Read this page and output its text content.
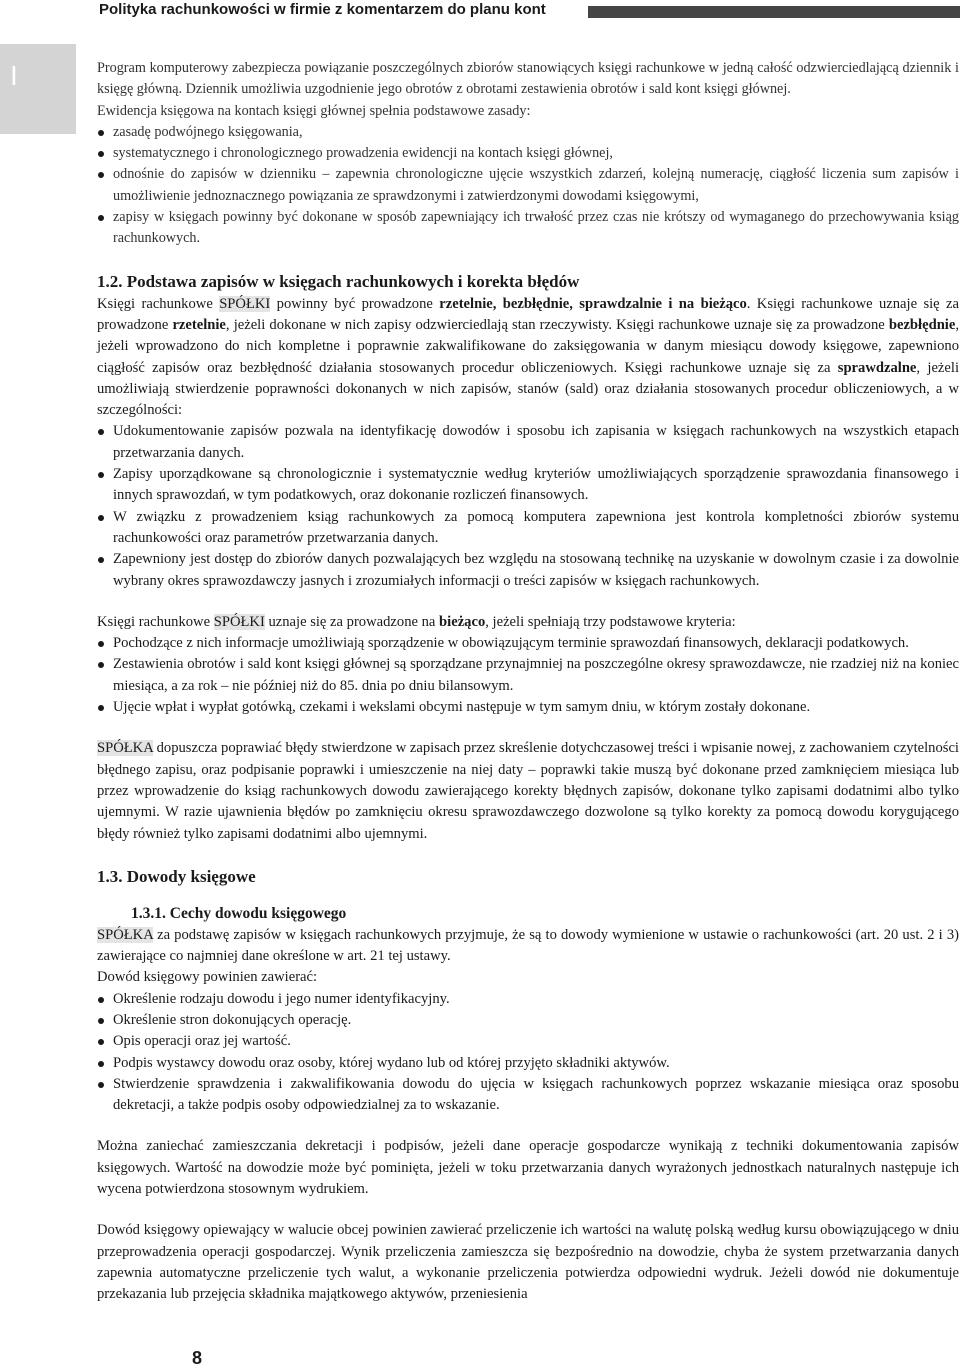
Polityka rachunkowości w firmie z komentarzem do planu kont
I	Program komputerowy zabezpiecza powiązanie poszczególnych zbiorów stanowiących księgi rachunkowe w jedną całość odzwierciedlającą dziennik i księgę główną. Dziennik umożliwia uzgodnienie jego obrotów z obrotami zestawienia obrotów i sald kont księgi głównej.

Ewidencja księgowa na kontach księgi głównej spełnia podstawowe zasady:

zasadę podwójnego księgowania,
systematycznego i chronologicznego prowadzenia ewidencji na kontach księgi głównej,
odnośnie do zapisów w dzienniku – zapewnia chronologiczne ujęcie wszystkich zdarzeń, kolejną numerację, ciągłość liczenia sum zapisów i umożliwienie jednoznacznego powiązania ze sprawdzonymi i zatwierdzonymi dowodami księgowymi,
zapisy w księgach powinny być dokonane w sposób zapewniający ich trwałość przez czas nie krótszy od wymaganego do przechowywania ksiąg rachunkowych.
1.2. Podstawa zapisów w księgach rachunkowych i korekta błędów

Księgi rachunkowe SPÓŁKI powinny być prowadzone rzetelnie, bezbłędnie, sprawdzalnie i na bieżąco. Księgi rachunkowe uznaje się za prowadzone rzetelnie, jeżeli dokonane w nich zapisy odzwierciedlają stan rzeczywisty. Księgi rachunkowe uznaje się za prowadzone bezbłędnie, jeżeli wprowadzono do nich kompletne i poprawnie zakwalifikowane do zaksięgowania w danym miesiącu dowody księgowe, zapewniono ciągłość zapisów oraz bezbłędność działania stosowanych procedur obliczeniowych. Księgi rachunkowe uznaje się za sprawdzalne, jeżeli umożliwiają stwierdzenie poprawności dokonanych w nich zapisów, stanów (sald) oraz działania stosowanych procedur obliczeniowych, a w szczególności:

Udokumentowanie zapisów pozwala na identyfikację dowodów i sposobu ich zapisania w księgach rachunkowych na wszystkich etapach przetwarzania danych.
Zapisy uporządkowane są chronologicznie i systematycznie według kryteriów umożliwiających sporządzenie sprawozdania finansowego i innych sprawozdań, w tym podatkowych, oraz dokonanie rozliczeń finansowych.
W związku z prowadzeniem ksiąg rachunkowych za pomocą komputera zapewniona jest kontrola kompletności zbiorów systemu rachunkowości oraz parametrów przetwarzania danych.
Zapewniony jest dostęp do zbiorów danych pozwalających bez względu na stosowaną technikę na uzyskanie w dowolnym czasie i za dowolnie wybrany okres sprawozdawczy jasnych i zrozumiałych informacji o treści zapisów w księgach rachunkowych.

Księgi rachunkowe SPÓŁKI uznaje się za prowadzone na bieżąco, jeżeli spełniają trzy podstawowe kryteria:

Pochodzące z nich informacje umożliwiają sporządzenie w obowiązującym terminie sprawozdań finansowych, deklaracji podatkowych.
Zestawienia obrotów i sald kont księgi głównej są sporządzane przynajmniej na poszczególne okresy sprawozdawcze, nie rzadziej niż na koniec miesiąca, a za rok – nie później niż do 85. dnia po dniu bilansowym.
Ujęcie wpłat i wypłat gotówką, czekami i wekslami obcymi następuje w tym samym dniu, w którym zostały dokonane.

SPÓŁKA dopuszcza poprawiać błędy stwierdzone w zapisach przez skreślenie dotychczasowej treści i wpisanie nowej, z zachowaniem czytelności błędnego zapisu, oraz podpisanie poprawki i umieszczenie na niej daty – poprawki takie muszą być dokonane przed zamknięciem miesiąca lub przez wprowadzenie do ksiąg rachunkowych dowodu zawierającego korekty błędnych zapisów, dokonane tylko zapisami dodatnimi albo tylko ujemnymi. W razie ujawnienia błędów po zamknięciu okresu sprawozdawczego dozwolone są tylko korekty za pomocą dowodu korygującego błędy również tylko zapisami dodatnimi albo ujemnymi.

1.3. Dowody księgowe
1.3.1. Cechy dowodu księgowego

SPÓŁKA za podstawę zapisów w księgach rachunkowych przyjmuje, że są to dowody wymienione w ustawie o rachunkowości (art. 20 ust. 2 i 3) zawierające co najmniej dane określone w art. 21 tej ustawy.

Dowód księgowy powinien zawierać:

Określenie rodzaju dowodu i jego numer identyfikacyjny.
Określenie stron dokonujących operację.
Opis operacji oraz jej wartość.
Podpis wystawcy dowodu oraz osoby, której wydano lub od której przyjęto składniki aktywów.
Stwierdzenie sprawdzenia i zakwalifikowania dowodu do ujęcia w księgach rachunkowych poprzez wskazanie miesiąca oraz sposobu dekretacji, a także podpis osoby odpowiedzialnej za to wskazanie.

Można zaniechać zamieszczania dekretacji i podpisów, jeżeli dane operacje gospodarcze wynikają z techniki dokumentowania zapisów księgowych. Wartość na dowodzie może być pominięta, jeżeli w toku przetwarzania danych wyrażonych jednostkach naturalnych następuje ich wycena potwierdzona stosownym wydrukiem.

Dowód księgowy opiewający w walucie obcej powinien zawierać przeliczenie ich wartości na walutę polską według kursu obowiązującego w dniu przeprowadzenia operacji gospodarczej. Wynik przeliczenia zamieszcza się bezpośrednio na dowodzie, chyba że system przetwarzania danych zapewnia automatyczne przeliczenie tych walut, a wykonanie przeliczenia potwierdza odpowiedni wydruk. Jeżeli dowód nie dokumentuje przekazania lub przejęcia składnika majątkowego aktywów, przeniesienia

8
